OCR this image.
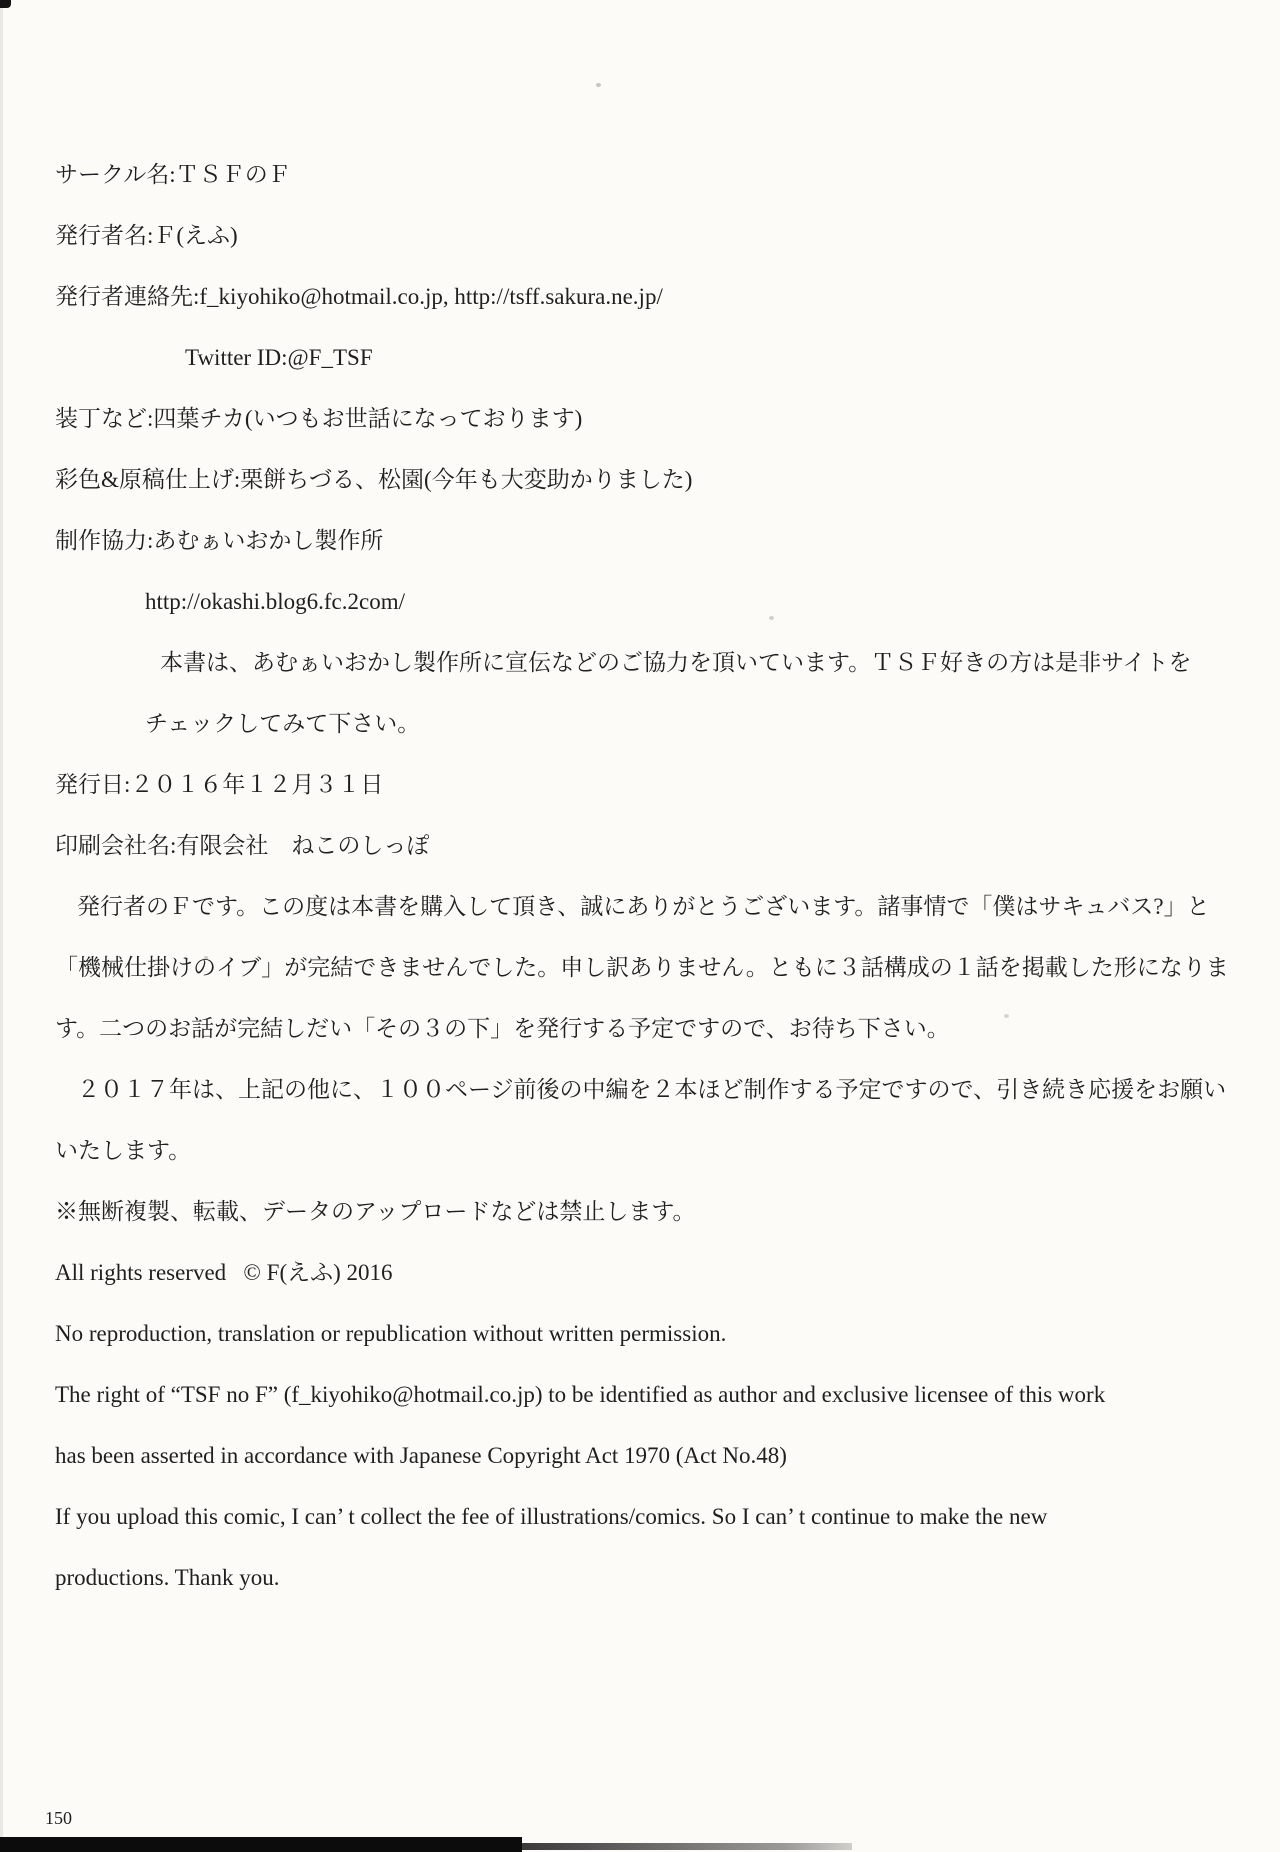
サークル名:ＴＳＦのＦ

発行者名:Ｆ(えふ)

発行者連絡先:f_kiyohiko@hotmail.co.jp, http://tsff.sakura.ne.jp/

Twitter ID:@F_TSF

装丁など:四葉チカ(いつもお世話になっております)

彩色&原稿仕上げ:栗餅ちづる、松園(今年も大変助かりました)

制作協力:あむぁいおかし製作所

http://okashi.blog6.fc.2com/

本書は、あむぁいおかし製作所に宣伝などのご協力を頂いています。ＴＳＦ好きの方は是非サイトを

チェックしてみて下さい。

発行日:２０１６年１２月３１日

印刷会社名:有限会社　ねこのしっぽ

発行者のＦです。この度は本書を購入して頂き、誠にありがとうございます。諸事情で「僕はサキュバス?」と

「機械仕掛けのイブ」が完結できませんでした。申し訳ありません。ともに３話構成の１話を掲載した形になりま

す。二つのお話が完結しだい「その３の下」を発行する予定ですので、お待ち下さい。

２０１７年は、上記の他に、１００ページ前後の中編を２本ほど制作する予定ですので、引き続き応援をお願い

いたします。

※無断複製、転載、データのアップロードなどは禁止します。

All rights reserved   © F(えふ) 2016

No reproduction, translation or republication without written permission.

The right of “TSF no F” (f_kiyohiko@hotmail.co.jp) to be identified as author and exclusive licensee of this work

has been asserted in accordance with Japanese Copyright Act 1970 (Act No.48)

If you upload this comic, I can’ t collect the fee of illustrations/comics. So I can’ t continue to make the new

productions. Thank you.

150
